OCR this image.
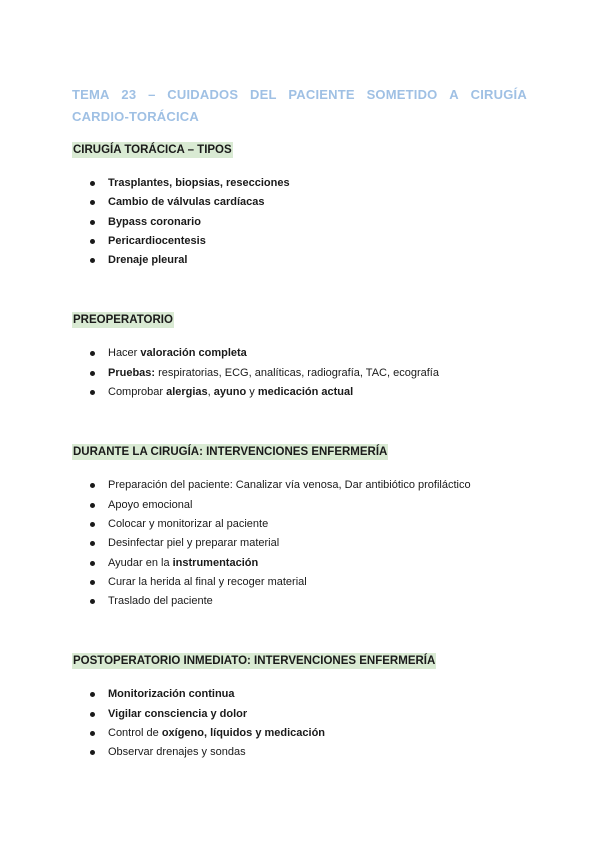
TEMA 23 – CUIDADOS DEL PACIENTE SOMETIDO A CIRUGÍA
CARDIO-TORÁCICA
CIRUGÍA TORÁCICA – TIPOS
Trasplantes, biopsias, resecciones
Cambio de válvulas cardíacas
Bypass coronario
Pericardiocentesis
Drenaje pleural
PREOPERATORIO
Hacer valoración completa
Pruebas: respiratorias, ECG, analíticas, radiografía, TAC, ecografía
Comprobar alergias, ayuno y medicación actual
DURANTE LA CIRUGÍA: INTERVENCIONES ENFERMERÍA
Preparación del paciente: Canalizar vía venosa, Dar antibiótico profiláctico
Apoyo emocional
Colocar y monitorizar al paciente
Desinfectar piel y preparar material
Ayudar en la instrumentación
Curar la herida al final y recoger material
Traslado del paciente
POSTOPERATORIO INMEDIATO: INTERVENCIONES ENFERMERÍA
Monitorización continua
Vigilar consciencia y dolor
Control de oxígeno, líquidos y medicación
Observar drenajes y sondas
